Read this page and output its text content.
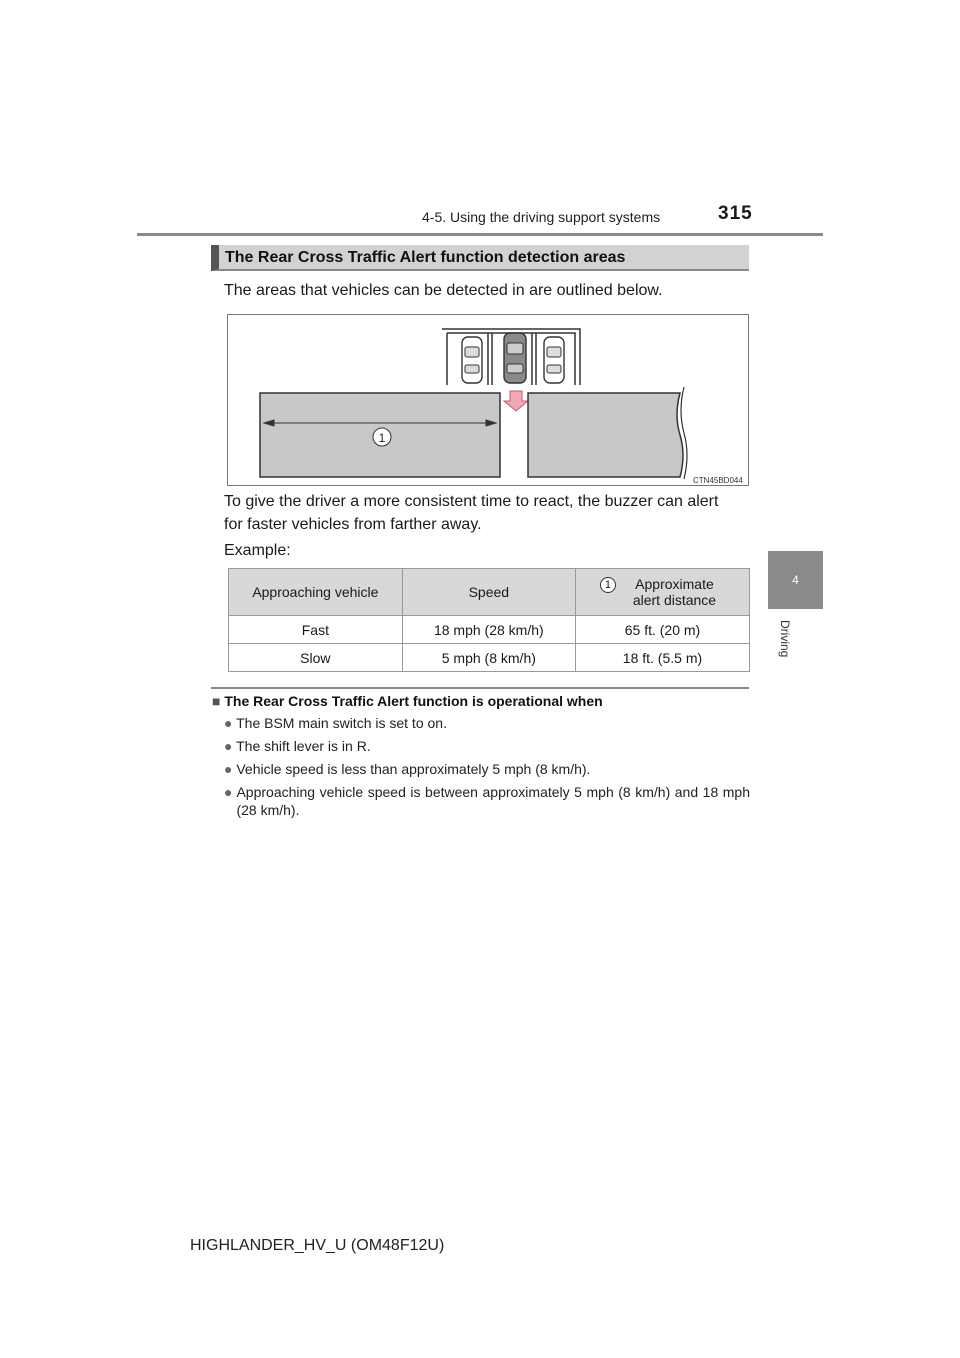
4-5. Using the driving support systems	315
4
Driving
The Rear Cross Traffic Alert function detection areas
The areas that vehicles can be detected in are outlined below.
1
CTN45BD044
To give the driver a more consistent time to react, the buzzer can alert
for faster vehicles from farther away.
Example:
Approaching vehicle	Speed	1 Approximate
alert distance

Fast	18 mph (28 km/h)	65 ft. (20 m)
Slow	5 mph (8 km/h)	18 ft. (5.5 m)
■ The Rear Cross Traffic Alert function is operational when
● The BSM main switch is set to on.
● The shift lever is in R.
● Vehicle speed is less than approximately 5 mph (8 km/h).
● Approaching vehicle speed is between approximately 5 mph (8 km/h) and 18 mph (28 km/h).
HIGHLANDER_HV_U (OM48F12U)
